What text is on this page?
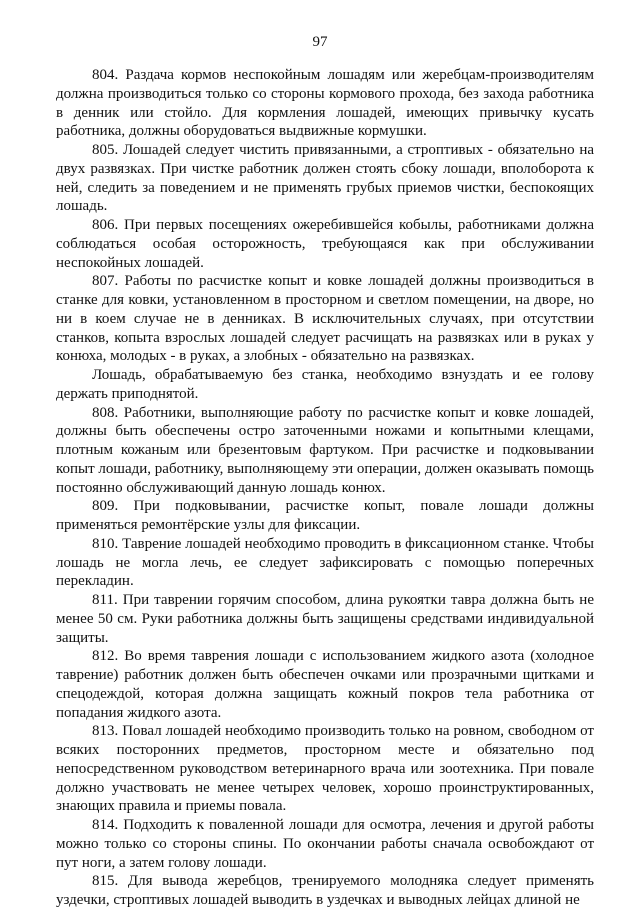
97

804. Раздача кормов неспокойным лошадям или жеребцам-производителям должна производиться только со стороны кормового прохода, без захода работника в денник или стойло. Для кормления лошадей, имеющих привычку кусать работника, должны оборудоваться выдвижные кормушки.

805. Лошадей следует чистить привязанными, а строптивых - обязательно на двух развязках. При чистке работник должен стоять сбоку лошади, вполоборота к ней, следить за поведением и не применять грубых приемов чистки, беспокоящих лошадь.

806. При первых посещениях ожеребившейся кобылы, работниками должна соблюдаться особая осторожность, требующаяся как при обслуживании неспокойных лошадей.

807. Работы по расчистке копыт и ковке лошадей должны производиться в станке для ковки, установленном в просторном и светлом помещении, на дворе, но ни в коем случае не в денниках. В исключительных случаях, при отсутствии станков, копыта взрослых лошадей следует расчищать на развязках или в руках у конюха, молодых - в руках, а злобных - обязательно на развязках.

Лошадь, обрабатываемую без станка, необходимо взнуздать и ее голову держать приподнятой.

808. Работники, выполняющие работу по расчистке копыт и ковке лошадей, должны быть обеспечены остро заточенными ножами и копытными клещами, плотным кожаным или брезентовым фартуком. При расчистке и подковывании копыт лошади, работнику, выполняющему эти операции, должен оказывать помощь постоянно обслуживающий данную лошадь конюх.

809. При подковывании, расчистке копыт, повале лошади должны применяться ремонтёрские узлы для фиксации.

810. Таврение лошадей необходимо проводить в фиксационном станке. Чтобы лошадь не могла лечь, ее следует зафиксировать с помощью поперечных перекладин.

811. При таврении горячим способом, длина рукоятки тавра должна быть не менее 50 см. Руки работника должны быть защищены средствами индивидуальной защиты.

812. Во время таврения лошади с использованием жидкого азота (холодное таврение) работник должен быть обеспечен очками или прозрачными щитками и спецодеждой, которая должна защищать кожный покров тела работника от попадания жидкого азота.

813. Повал лошадей необходимо производить только на ровном, свободном от всяких посторонних предметов, просторном месте и обязательно под непосредственном руководством ветеринарного врача или зоотехника. При повале должно участвовать не менее четырех человек, хорошо проинструктированных, знающих правила и приемы повала.

814. Подходить к поваленной лошади для осмотра, лечения и другой работы можно только со стороны спины. По окончании работы сначала освобождают от пут ноги, а затем голову лошади.

815. Для вывода жеребцов, тренируемого молодняка следует применять уздечки, строптивых лошадей выводить в уздечках и выводных лейцах длиной не
